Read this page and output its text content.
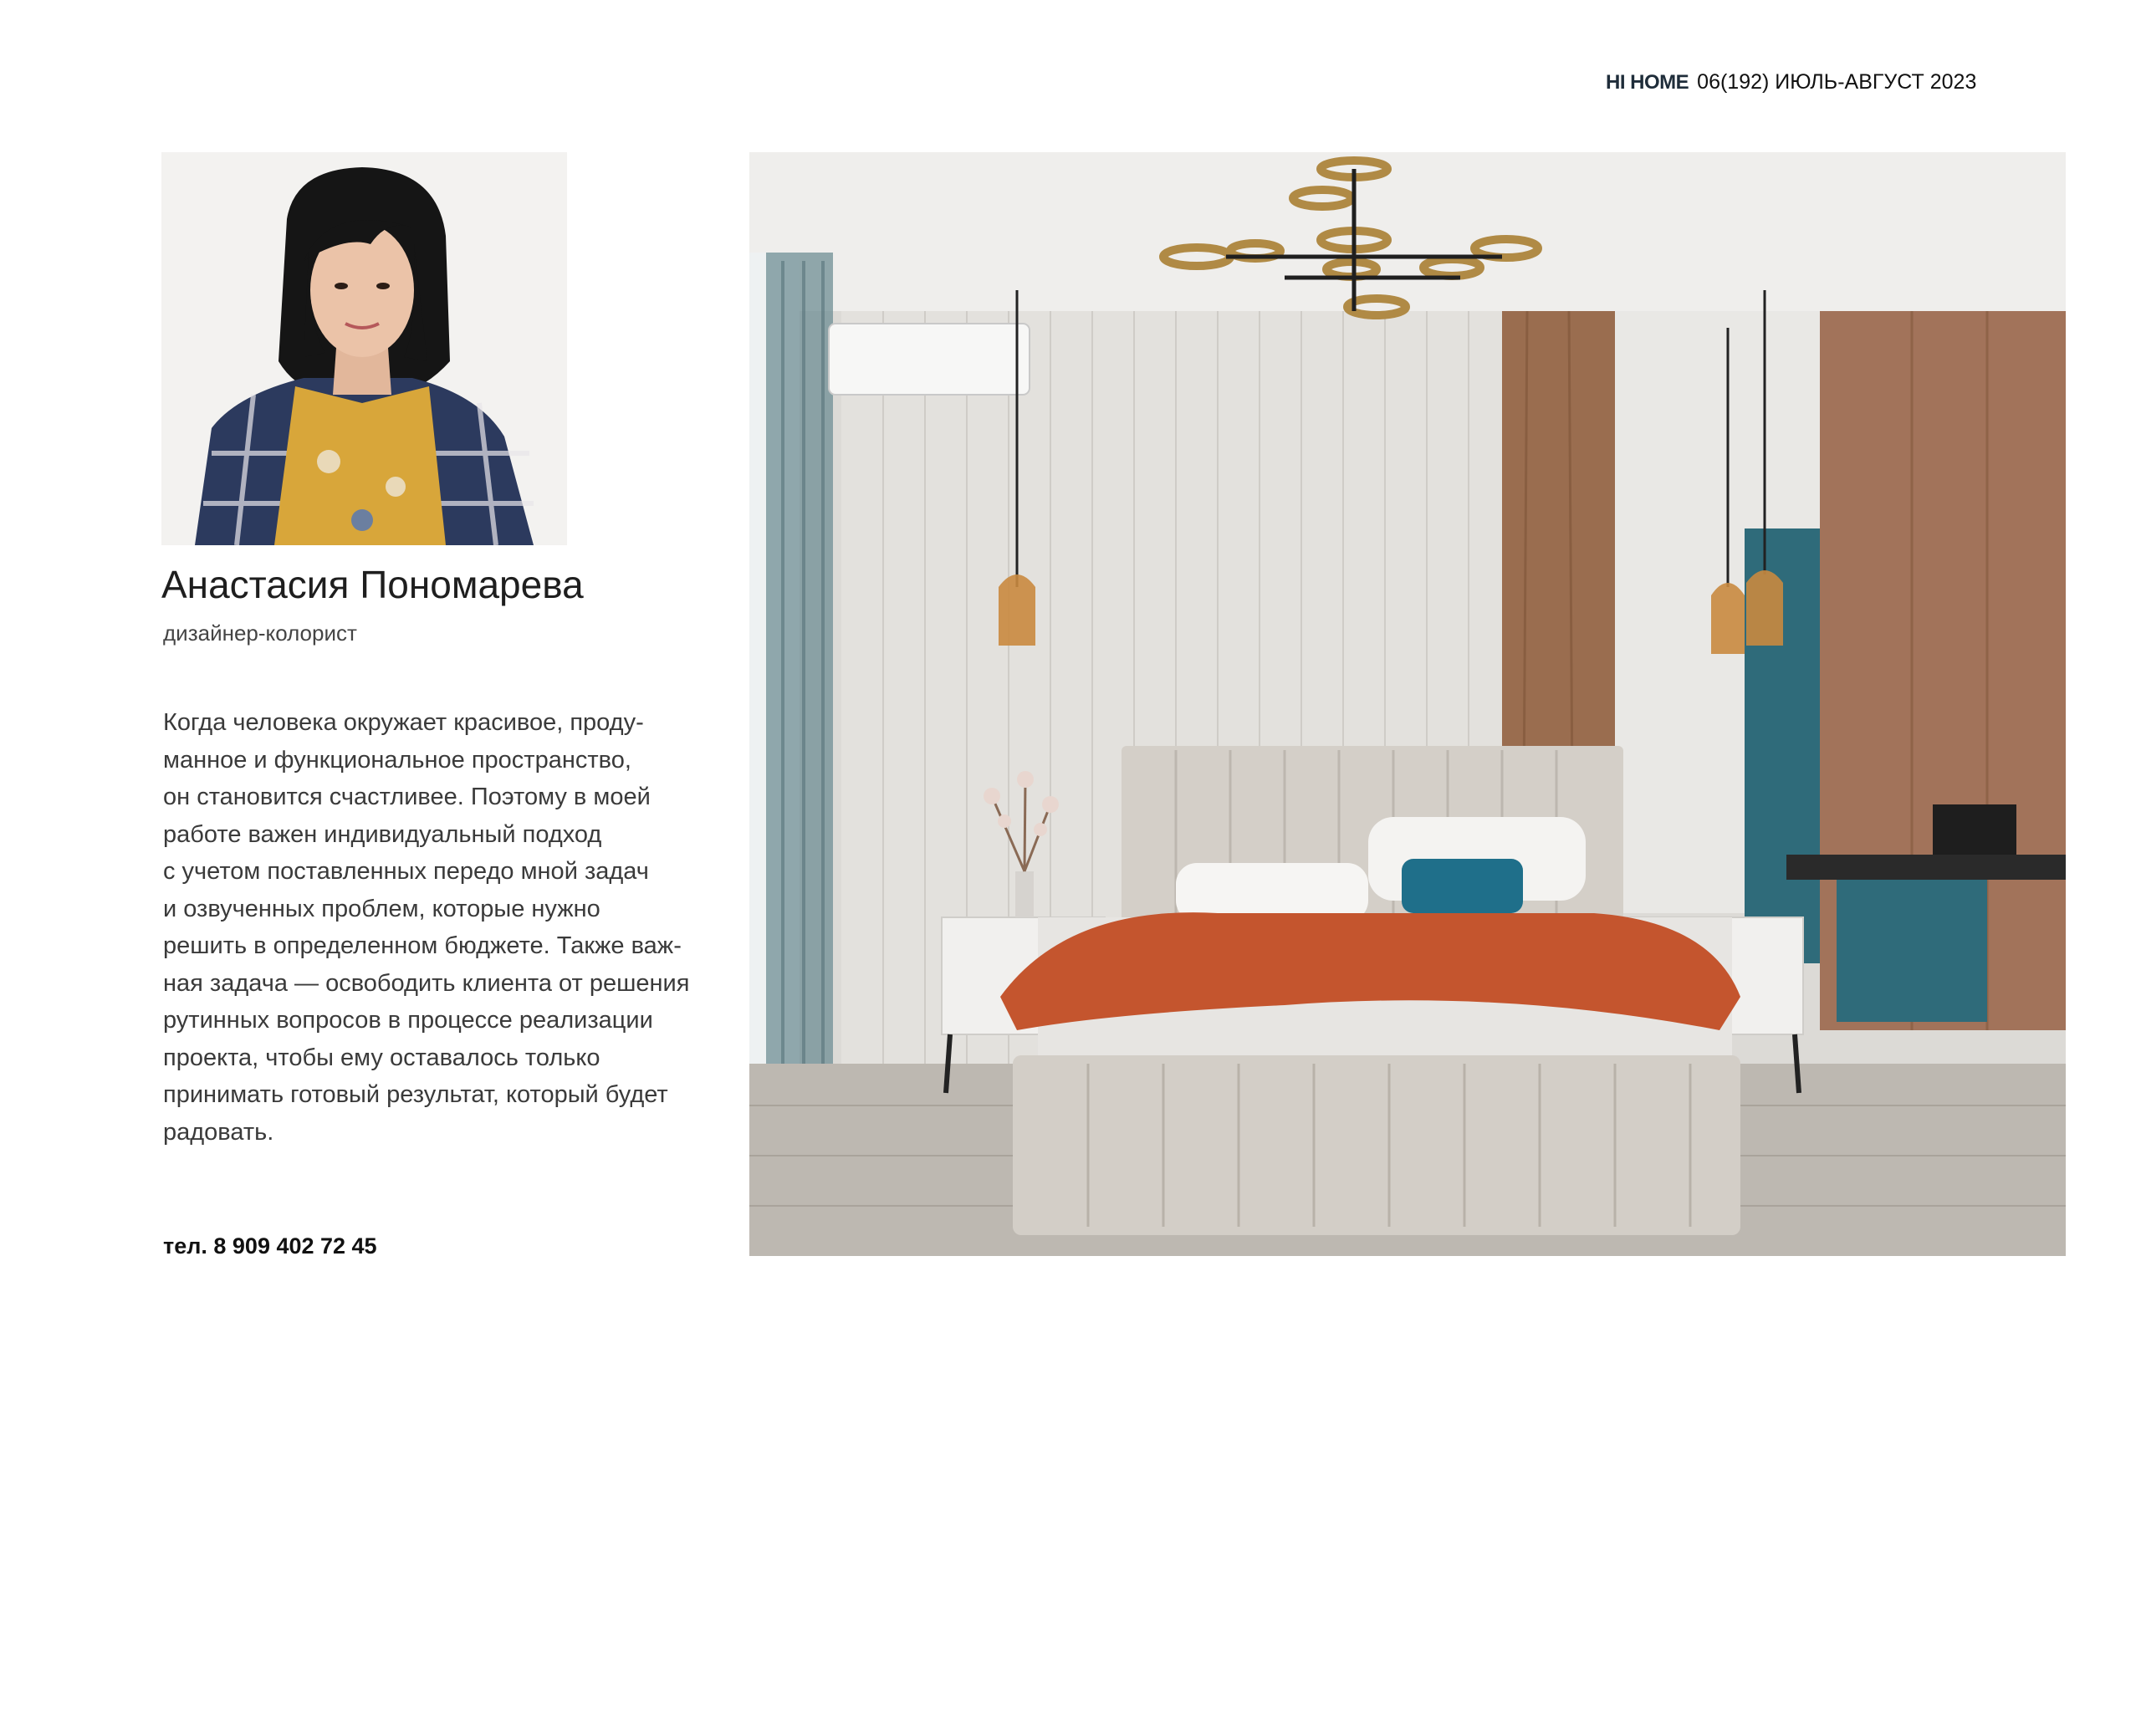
HI HOME 06(192) ИЮЛЬ-АВГУСТ 2023
Анастасия Пономарева
дизайнер-колорист
Когда человека окружает красивое, проду-
манное и функциональное пространство,
он становится счастливее. Поэтому в моей
работе важен индивидуальный подход
с учетом поставленных передо мной задач
и озвученных проблем, которые нужно
решить в определенном бюджете. Также важ-
ная задача — освободить клиента от решения
рутинных вопросов в процессе реализации
проекта, чтобы ему оставалось только
принимать готовый результат, который будет
радовать.
тел. 8 909 402 72 45
